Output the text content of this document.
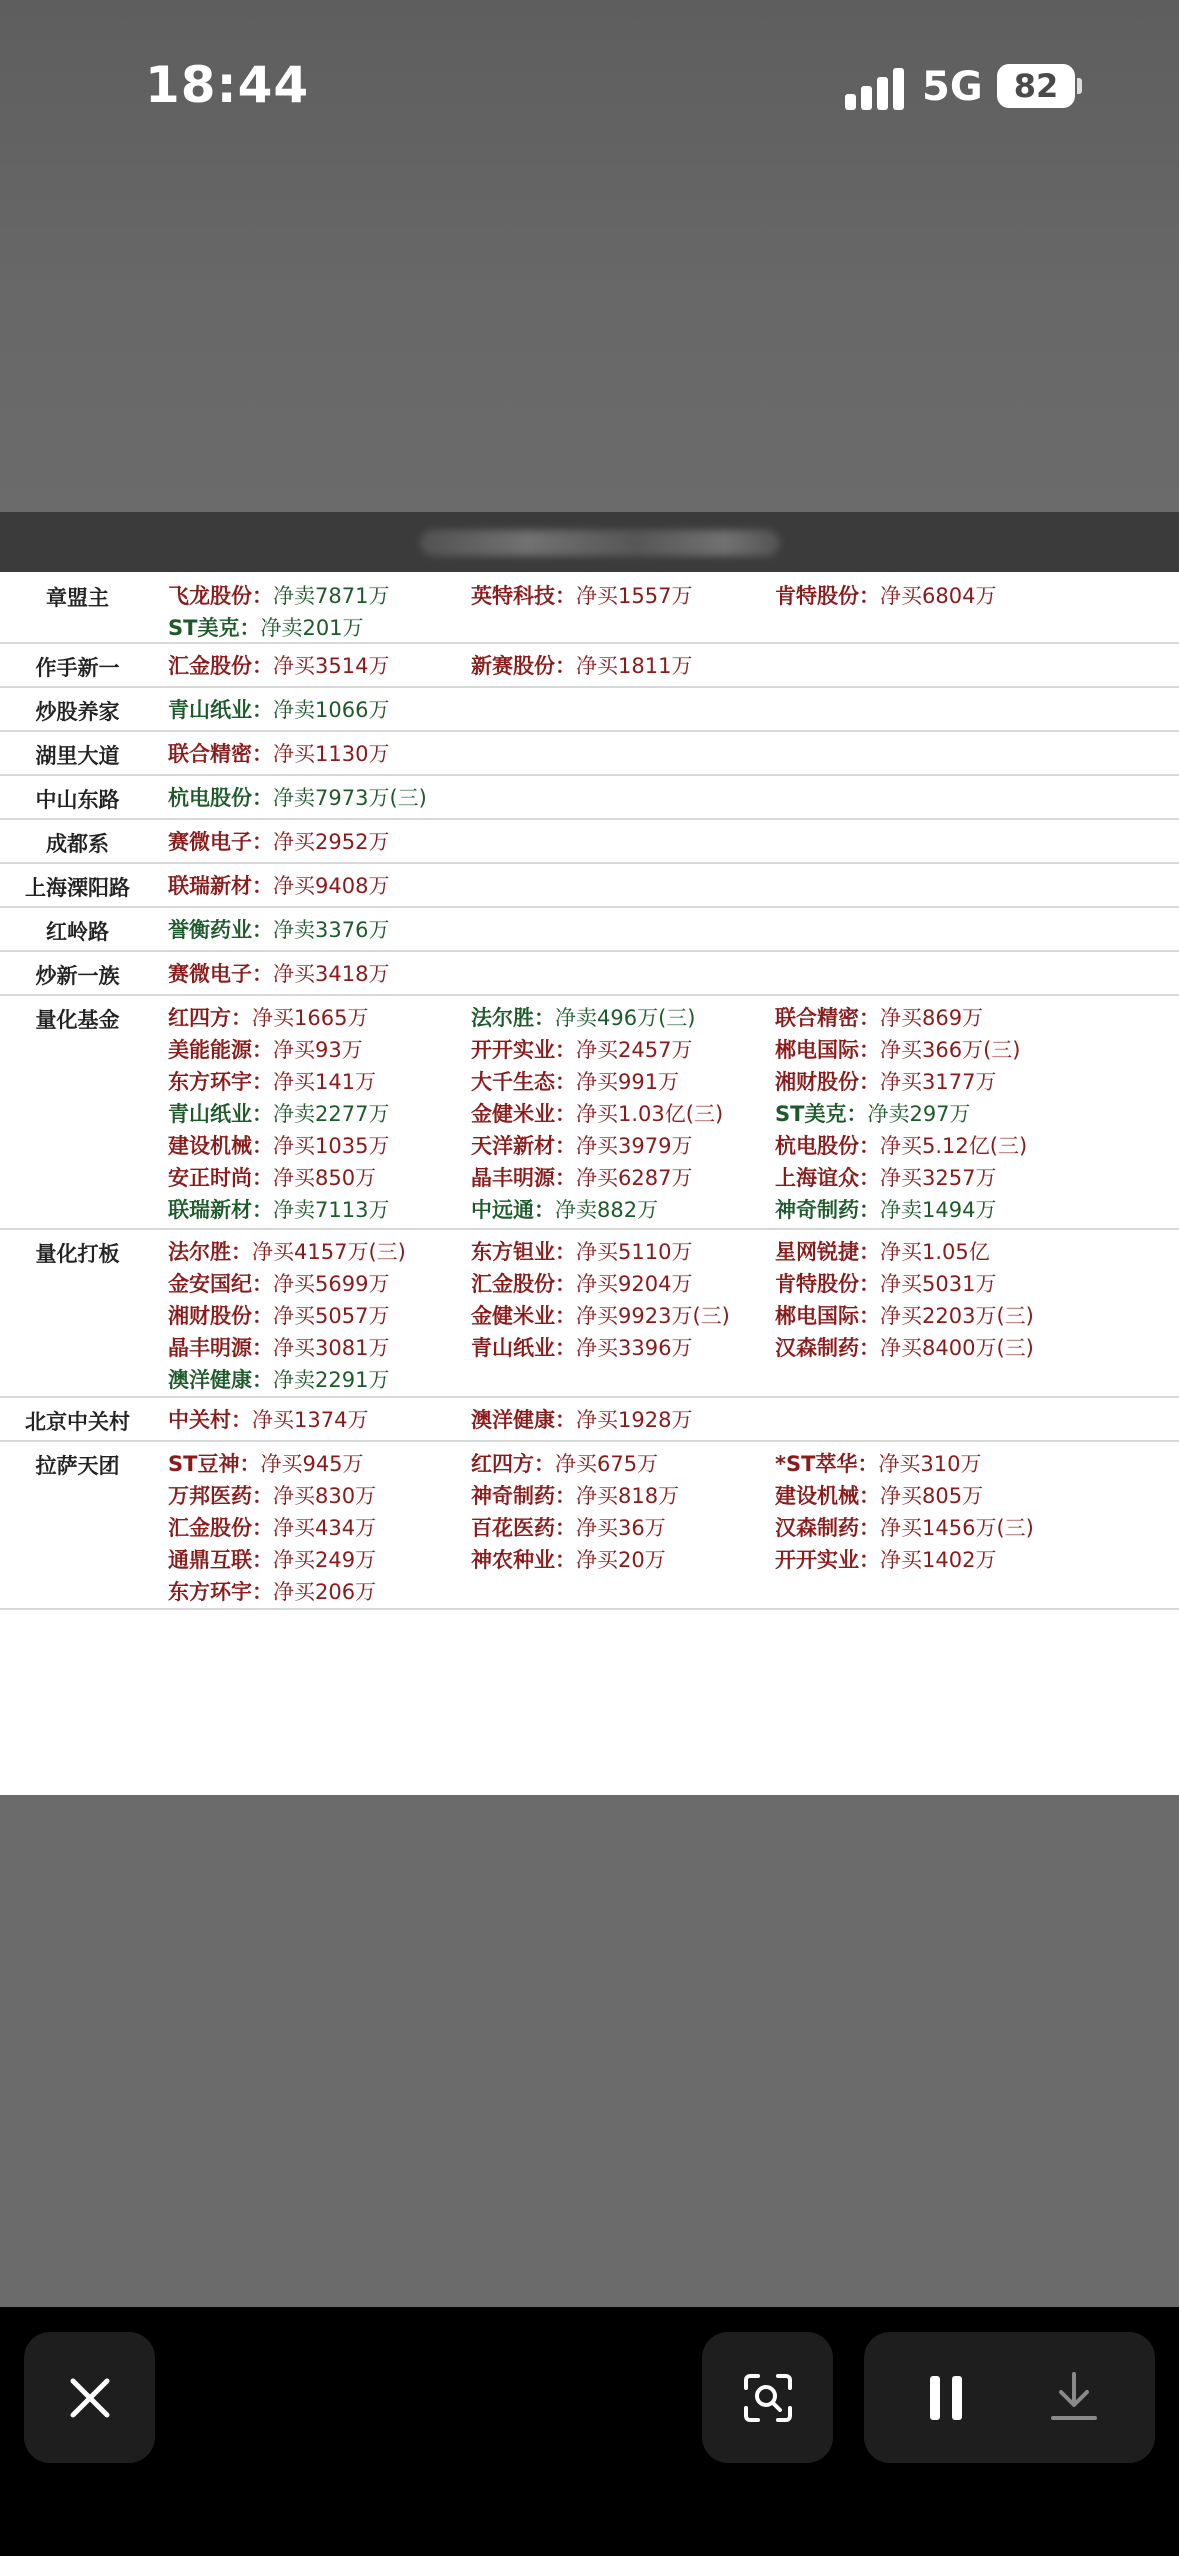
18:44	5G 82
章盟主	飞龙股份：净卖7871万	英特科技：净买1557万	肯特股份：净买6804万
ST美克：净卖201万
作手新一	汇金股份：净买3514万	新赛股份：净买1811万
炒股养家	青山纸业：净卖1066万
湖里大道	联合精密：净买1130万
中山东路	杭电股份：净卖7973万(三)
成都系	赛微电子：净买2952万
上海溧阳路	联瑞新材：净买9408万
红岭路	誉衡药业：净卖3376万
炒新一族	赛微电子：净买3418万
量化基金	红四方：净买1665万	法尔胜：净卖496万(三)	联合精密：净买869万
美能能源：净买93万	开开实业：净买2457万	郴电国际：净买366万(三)
东方环宇：净买141万	大千生态：净买991万	湘财股份：净买3177万
青山纸业：净卖2277万	金健米业：净买1.03亿(三) ST美克：净卖297万
建设机械：净买1035万	天洋新材：净买3979万	杭电股份：净买5.12亿(三)
安正时尚：净买850万	晶丰明源：净买6287万	上海谊众：净买3257万
联瑞新材：净卖7113万	中远通：净卖882万	神奇制药：净卖1494万
量化打板	法尔胜：净买4157万(三)	东方钽业：净买5110万	星网锐捷：净买1.05亿
金安国纪：净买5699万	汇金股份：净买9204万	肯特股份：净买5031万
湘财股份：净买5057万	金健米业：净买9923万(三) 郴电国际：净买2203万(三)
晶丰明源：净买3081万	青山纸业：净买3396万	汉森制药：净买8400万(三)
澳洋健康：净卖2291万
北京中关村	中关村：净买1374万	澳洋健康：净买1928万
拉萨天团	ST豆神：净买945万	红四方：净买675万	*ST萃华：净买310万
万邦医药：净买830万	神奇制药：净买818万	建设机械：净买805万
汇金股份：净买434万	百花医药：净买36万	汉森制药：净买1456万(三)
通鼎互联：净买249万	神农种业：净买20万	开开实业：净买1402万
东方环宇：净买206万
